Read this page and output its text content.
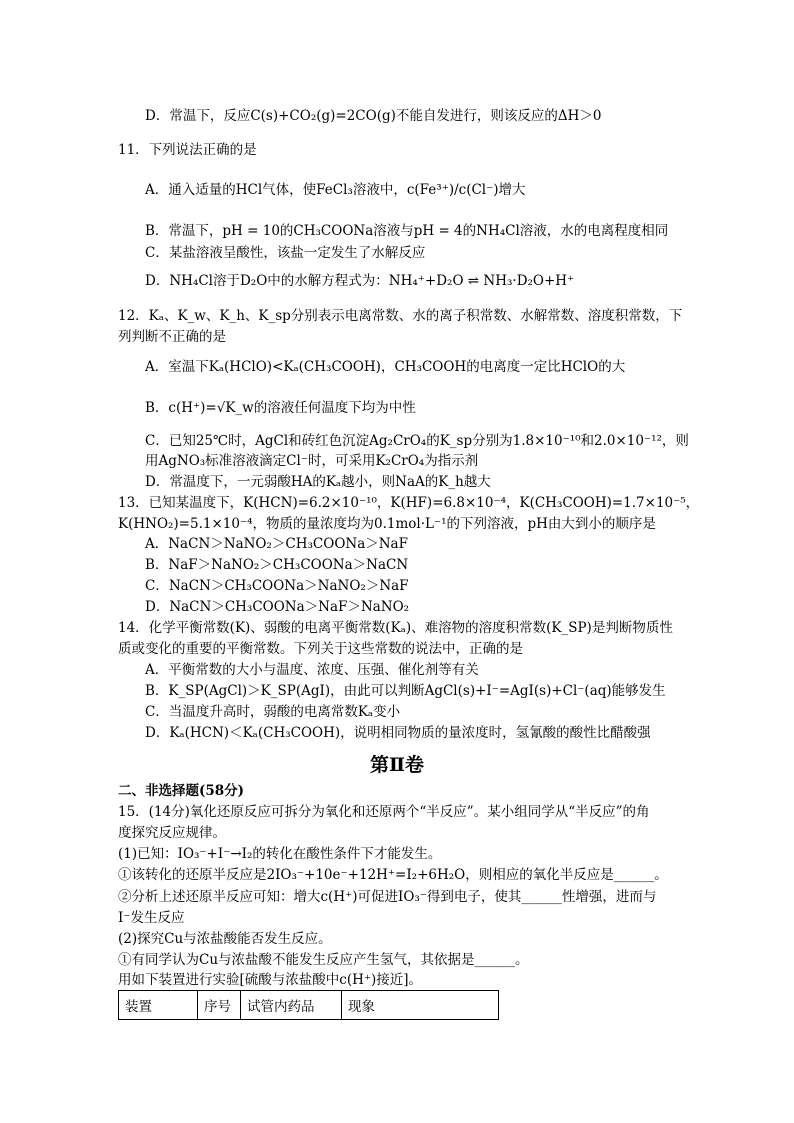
D．常温下，反应C(s)+CO₂(g)=2CO(g)不能自发进行，则该反应的ΔH＞0
11．下列说法正确的是
A．通入适量的HCl气体，使FeCl₃溶液中，c(Fe³⁺)/c(Cl⁻)增大
B．常温下，pH = 10的CH₃COONa溶液与pH = 4的NH₄Cl溶液，水的电离程度相同
C．某盐溶液呈酸性，该盐一定发生了水解反应
D．NH₄Cl溶于D₂O中的水解方程式为：NH₄⁺+D₂O ⇌ NH₃·D₂O+H⁺
12．Kₐ、K_w、K_h、K_sp分别表示电离常数、水的离子积常数、水解常数、溶度积常数，下
列判断不正确的是
A．室温下Kₐ(HClO)<Kₐ(CH₃COOH)，CH₃COOH的电离度一定比HClO的大
B．c(H⁺)=√K_w的溶液任何温度下均为中性
C．已知25℃时，AgCl和砖红色沉淀Ag₂CrO₄的K_sp分别为1.8×10⁻¹⁰和2.0×10⁻¹²，则
用AgNO₃标准溶液滴定Cl⁻时，可采用K₂CrO₄为指示剂
D．常温度下，一元弱酸HA的Kₐ越小，则NaA的K_h越大
13．已知某温度下，K(HCN)=6.2×10⁻¹⁰，K(HF)=6.8×10⁻⁴，K(CH₃COOH)=1.7×10⁻⁵，
K(HNO₂)=5.1×10⁻⁴，物质的量浓度均为0.1mol·L⁻¹的下列溶液，pH由大到小的顺序是
A．NaCN＞NaNO₂＞CH₃COONa＞NaF
B．NaF＞NaNO₂＞CH₃COONa＞NaCN
C．NaCN＞CH₃COONa＞NaNO₂＞NaF
D．NaCN＞CH₃COONa＞NaF＞NaNO₂
14．化学平衡常数(K)、弱酸的电离平衡常数(Kₐ)、难溶物的溶度积常数(K_SP)是判断物质性
质或变化的重要的平衡常数。下列关于这些常数的说法中，正确的是
A．平衡常数的大小与温度、浓度、压强、催化剂等有关
B．K_SP(AgCl)＞K_SP(AgI)，由此可以判断AgCl(s)+I⁻=AgI(s)+Cl⁻(aq)能够发生
C．当温度升高时，弱酸的电离常数Kₐ变小
D．Kₐ(HCN)＜Kₐ(CH₃COOH)，说明相同物质的量浓度时，氢氰酸的酸性比醋酸强
二、非选择题(58分)
15．(14分)氧化还原反应可拆分为氧化和还原两个“半反应”。某小组同学从“半反应”的角
度探究反应规律。
(1)已知：IO₃⁻+I⁻→I₂的转化在酸性条件下才能发生。
①该转化的还原半反应是2IO₃⁻+10e⁻+12H⁺=I₂+6H₂O，则相应的氧化半反应是______。
②分析上述还原半反应可知：增大c(H⁺)可促进IO₃⁻得到电子，使其______性增强，进而与
I⁻发生反应
(2)探究Cu与浓盐酸能否发生反应。
①有同学认为Cu与浓盐酸不能发生反应产生氢气，其依据是______。
用如下装置进行实验[硫酸与浓盐酸中c(H⁺)接近]。
第Ⅱ卷
装置	序号	试管内药品	现象
